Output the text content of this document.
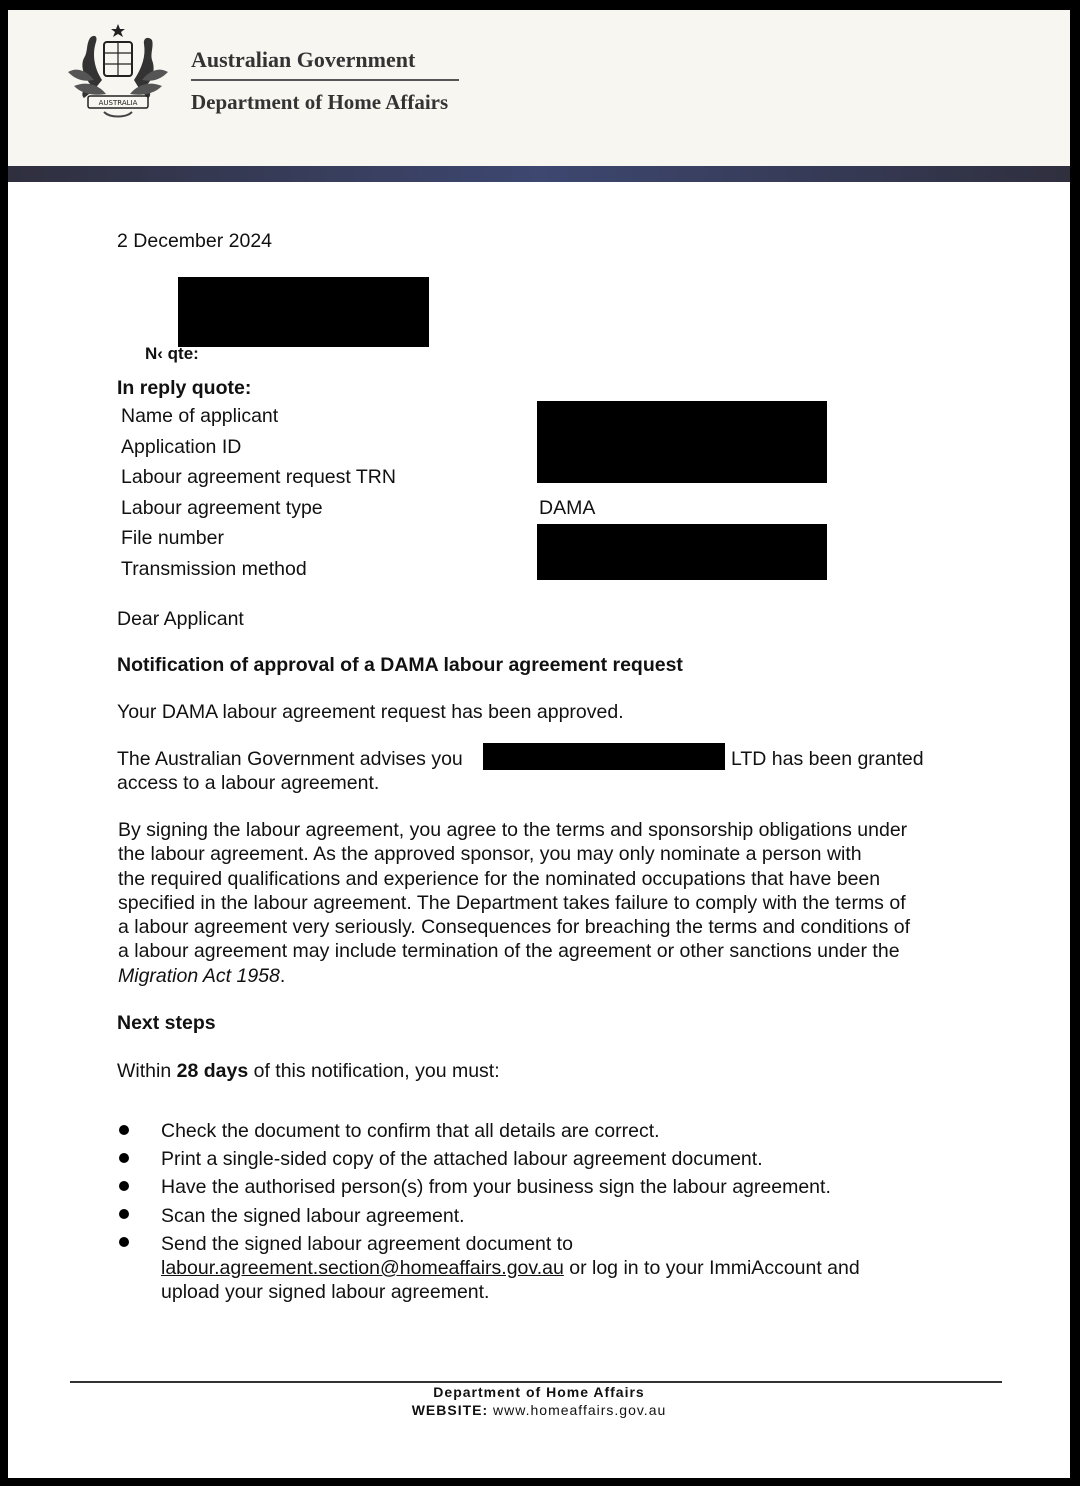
AUSTRALIA
Australian Government
Department of Home Affairs
2 December 2024
N‹ qte:
In reply quote:
Name of applicant
Application ID
Labour agreement request TRN
Labour agreement type	DAMA
File number
Transmission method
Dear Applicant
Notification of approval of a DAMA labour agreement request
Your DAMA labour agreement request has been approved.
The Australian Government advises you	LTD has been granted
access to a labour agreement.
By signing the labour agreement, you agree to the terms and sponsorship obligations under
the labour agreement. As the approved sponsor, you may only nominate a person with
the required qualifications and experience for the nominated occupations that have been
specified in the labour agreement. The Department takes failure to comply with the terms of
a labour agreement very seriously. Consequences for breaching the terms and conditions of
a labour agreement may include termination of the agreement or other sanctions under the
Migration Act 1958.
Next steps
Within 28 days of this notification, you must:
Check the document to confirm that all details are correct.
Print a single-sided copy of the attached labour agreement document.
Have the authorised person(s) from your business sign the labour agreement.
Scan the signed labour agreement.
Send the signed labour agreement document to
labour.agreement.section@homeaffairs.gov.au or log in to your ImmiAccount and
upload your signed labour agreement.
Department of Home Affairs
WEBSITE: www.homeaffairs.gov.au
